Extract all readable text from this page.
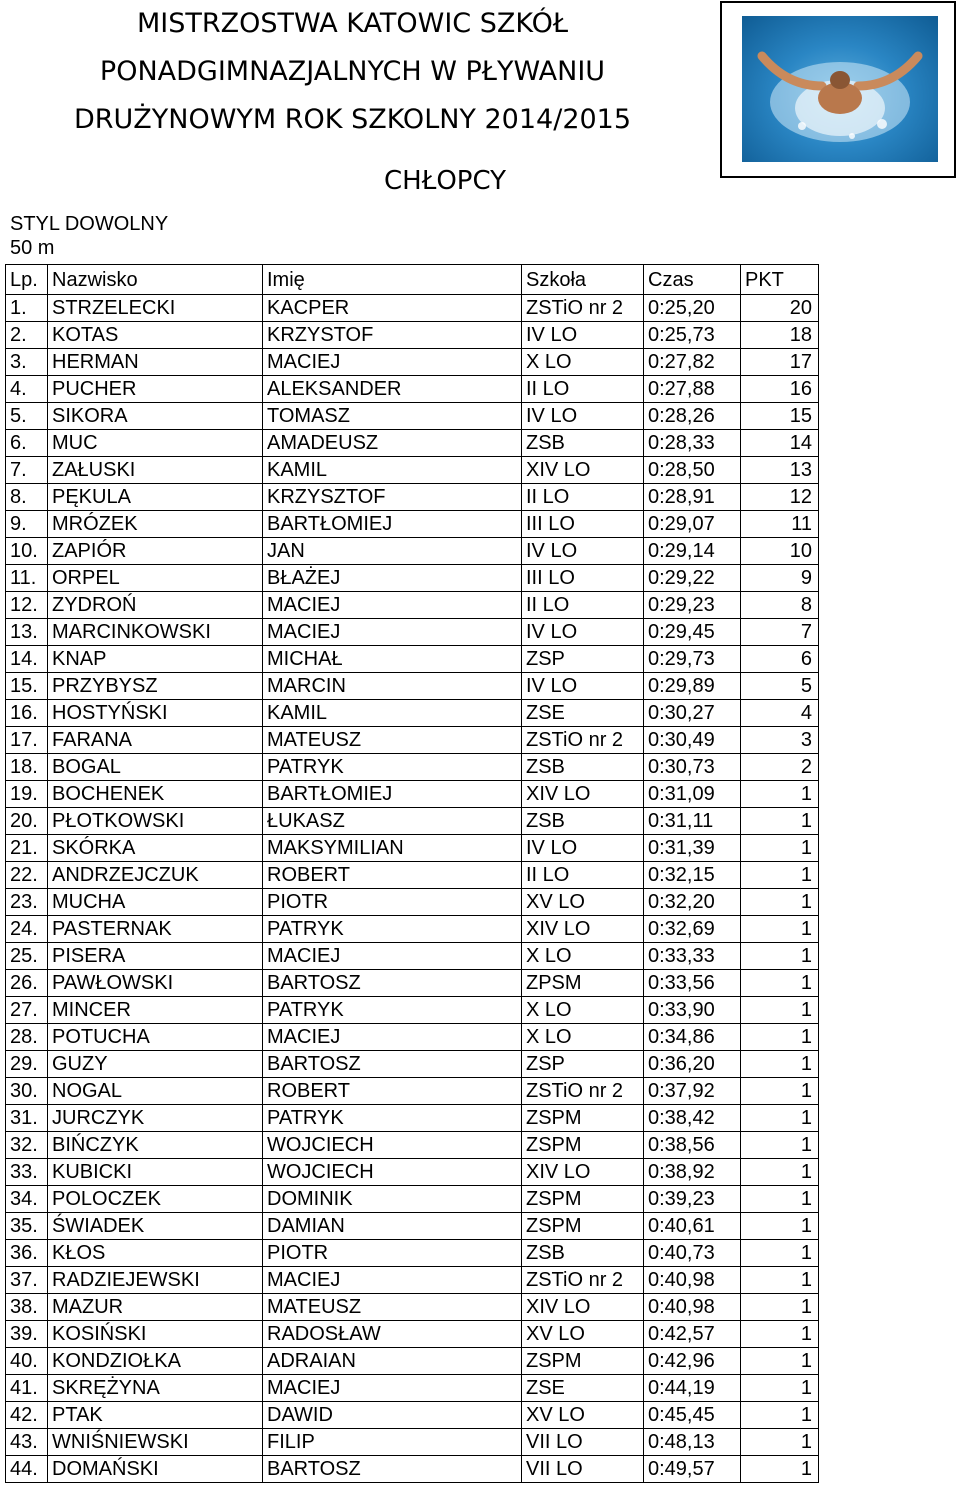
MISTRZOSTWA KATOWIC SZKÓŁ
PONADGIMNAZJALNYCH W PŁYWANIU
DRUŻYNOWYM ROK SZKOLNY 2014/2015
CHŁOPCY
STYL DOWOLNY
50 m
Lp.	Nazwisko	Imię	Szkoła	Czas	PKT
1.	STRZELECKI	KACPER	ZSTiO nr 2	0:25,20	20
2.	KOTAS	KRZYSTOF	IV LO	0:25,73	18
3.	HERMAN	MACIEJ	X LO	0:27,82	17
4.	PUCHER	ALEKSANDER	II LO	0:27,88	16
5.	SIKORA	TOMASZ	IV LO	0:28,26	15
6.	MUC	AMADEUSZ	ZSB	0:28,33	14
7.	ZAŁUSKI	KAMIL	XIV LO	0:28,50	13
8.	PĘKULA	KRZYSZTOF	II LO	0:28,91	12
9.	MRÓZEK	BARTŁOMIEJ	III LO	0:29,07	11
10.	ZAPIÓR	JAN	IV LO	0:29,14	10
11.	ORPEL	BŁAŻEJ	III LO	0:29,22	9
12.	ZYDROŃ	MACIEJ	II LO	0:29,23	8
13.	MARCINKOWSKI	MACIEJ	IV LO	0:29,45	7
14.	KNAP	MICHAŁ	ZSP	0:29,73	6
15.	PRZYBYSZ	MARCIN	IV LO	0:29,89	5
16.	HOSTYŃSKI	KAMIL	ZSE	0:30,27	4
17.	FARANA	MATEUSZ	ZSTiO nr 2	0:30,49	3
18.	BOGAL	PATRYK	ZSB	0:30,73	2
19.	BOCHENEK	BARTŁOMIEJ	XIV LO	0:31,09	1
20.	PŁOTKOWSKI	ŁUKASZ	ZSB	0:31,11	1
21.	SKÓRKA	MAKSYMILIAN	IV LO	0:31,39	1
22.	ANDRZEJCZUK	ROBERT	II LO	0:32,15	1
23.	MUCHA	PIOTR	XV LO	0:32,20	1
24.	PASTERNAK	PATRYK	XIV LO	0:32,69	1
25.	PISERA	MACIEJ	X LO	0:33,33	1
26.	PAWŁOWSKI	BARTOSZ	ZPSM	0:33,56	1
27.	MINCER	PATRYK	X LO	0:33,90	1
28.	POTUCHA	MACIEJ	X LO	0:34,86	1
29.	GUZY	BARTOSZ	ZSP	0:36,20	1
30.	NOGAL	ROBERT	ZSTiO nr 2	0:37,92	1
31.	JURCZYK	PATRYK	ZSPM	0:38,42	1
32.	BIŃCZYK	WOJCIECH	ZSPM	0:38,56	1
33.	KUBICKI	WOJCIECH	XIV LO	0:38,92	1
34.	POLOCZEK	DOMINIK	ZSPM	0:39,23	1
35.	ŚWIADEK	DAMIAN	ZSPM	0:40,61	1
36.	KŁOS	PIOTR	ZSB	0:40,73	1
37.	RADZIEJEWSKI	MACIEJ	ZSTiO nr 2	0:40,98	1
38.	MAZUR	MATEUSZ	XIV LO	0:40,98	1
39.	KOSIŃSKI	RADOSŁAW	XV LO	0:42,57	1
40.	KONDZIOŁKA	ADRAIAN	ZSPM	0:42,96	1
41.	SKRĘŻYNA	MACIEJ	ZSE	0:44,19	1
42.	PTAK	DAWID	XV LO	0:45,45	1
43.	WNIŚNIEWSKI	FILIP	VII LO	0:48,13	1
44.	DOMAŃSKI	BARTOSZ	VII LO	0:49,57	1
